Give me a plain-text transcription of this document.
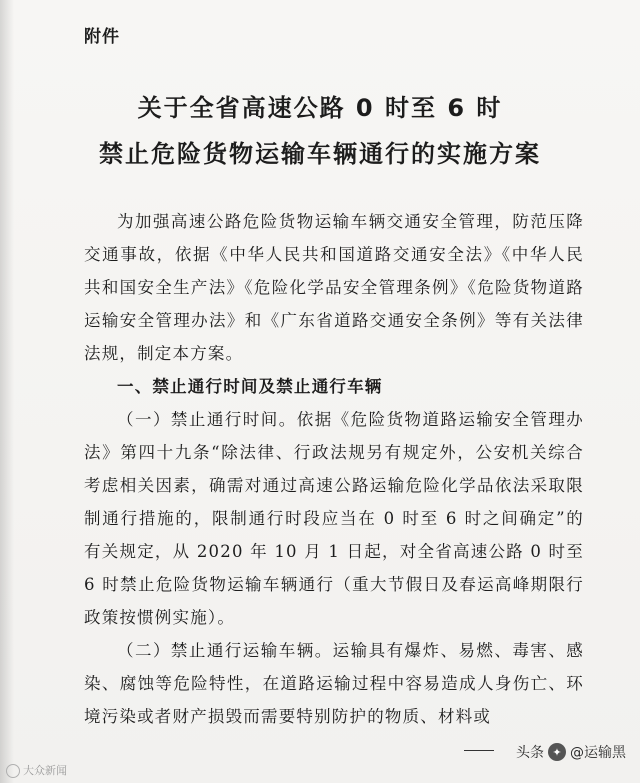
附件
关于全省高速公路 0 时至 6 时
禁止危险货物运输车辆通行的实施方案

为加强高速公路危险货物运输车辆交通安全管理，防范压降交通事故，依据《中华人民共和国道路交通安全法》《中华人民共和国安全生产法》《危险化学品安全管理条例》《危险货物道路运输安全管理办法》和《广东省道路交通安全条例》等有关法律法规，制定本方案。

一、禁止通行时间及禁止通行车辆

（一）禁止通行时间。依据《危险货物道路运输安全管理办法》第四十九条“除法律、行政法规另有规定外，公安机关综合考虑相关因素，确需对通过高速公路运输危险化学品依法采取限制通行措施的，限制通行时段应当在 0 时至 6 时之间确定”的有关规定，从 2020 年 10 月 1 日起，对全省高速公路 0 时至 6 时禁止危险货物运输车辆通行（重大节假日及春运高峰期限行政策按惯例实施）。

（二）禁止通行运输车辆。运输具有爆炸、易燃、毒害、感染、腐蚀等危险特性，在道路运输过程中容易造成人身伤亡、环境污染或者财产损毁而需要特别防护的物质、材料或

大众新闻
头条 ✦ @运输黑
